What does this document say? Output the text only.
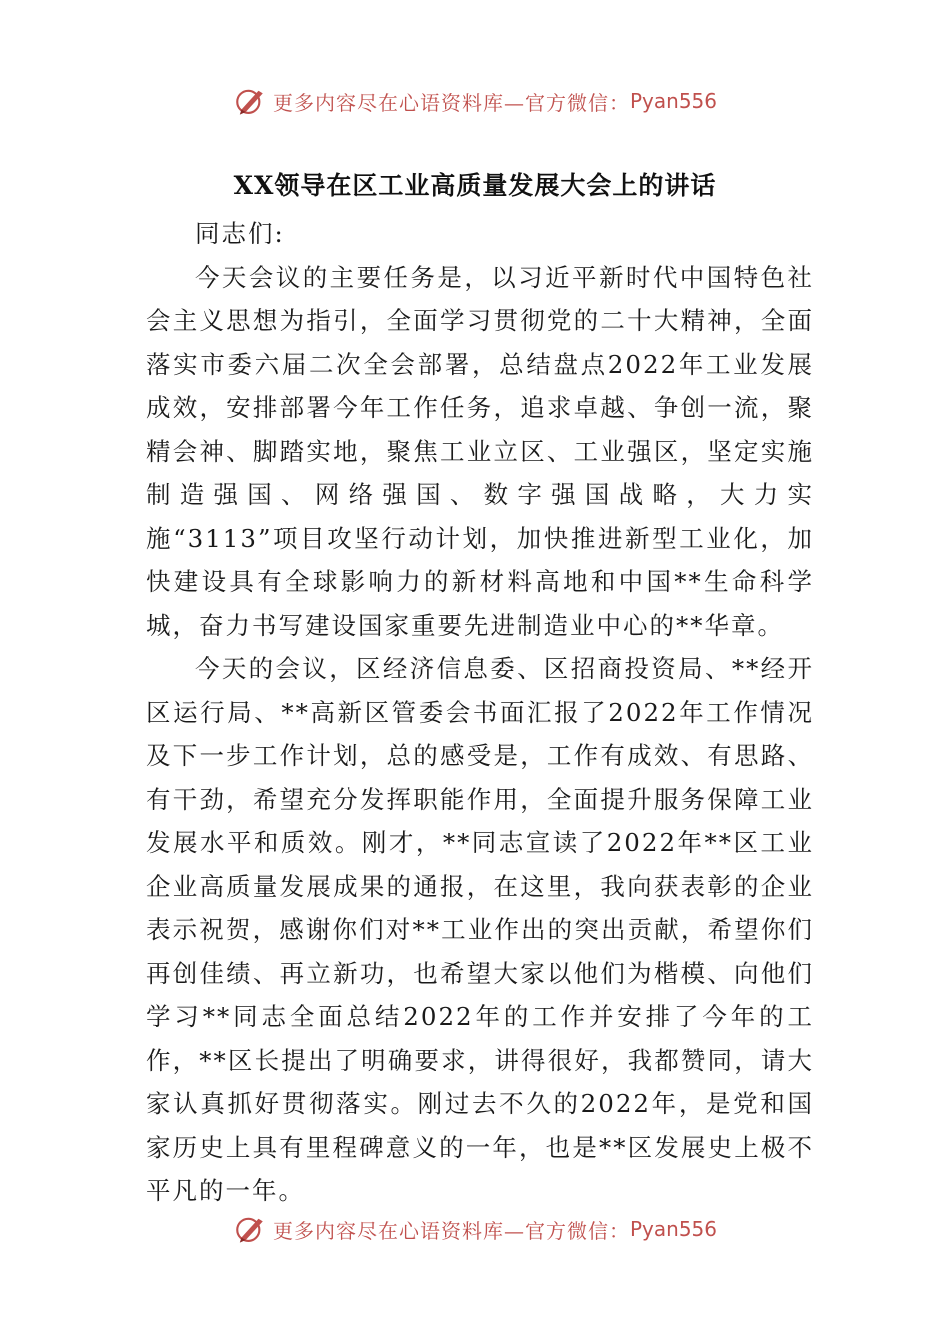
更多内容尽在心语资料库—官方微信： Pyan556
XX领导在区工业高质量发展大会上的讲话

同志们:

今天会议的主要任务是，以习近平新时代中国特色社会主义思想为指引，全面学习贯彻党的二十大精神，全面落实市委六届二次全会部署，总结盘点2022年工业发展成效，安排部署今年工作任务，追求卓越、争创一流，聚精会神、脚踏实地，聚焦工业立区、工业强区，坚定实施制造强国、网络强国、数字强国战略，大力实施“3113”项目攻坚行动计划，加快推进新型工业化，加快建设具有全球影响力的新材料高地和中国**生命科学城，奋力书写建设国家重要先进制造业中心的**华章。

今天的会议，区经济信息委、区招商投资局、**经开区运行局、**高新区管委会书面汇报了2022年工作情况及下一步工作计划，总的感受是，工作有成效、有思路、有干劲，希望充分发挥职能作用，全面提升服务保障工业发展水平和质效。刚才，**同志宣读了2022年**区工业企业高质量发展成果的通报，在这里，我向获表彰的企业表示祝贺，感谢你们对**工业作出的突出贡献，希望你们再创佳绩、再立新功，也希望大家以他们为楷模、向他们学习**同志全面总结2022年的工作并安排了今年的工作，**区长提出了明确要求，讲得很好，我都赞同，请大家认真抓好贯彻落实。刚过去不久的2022年，是党和国家历史上具有里程碑意义的一年，也是**区发展史上极不平凡的一年。

更多内容尽在心语资料库—官方微信： Pyan556
